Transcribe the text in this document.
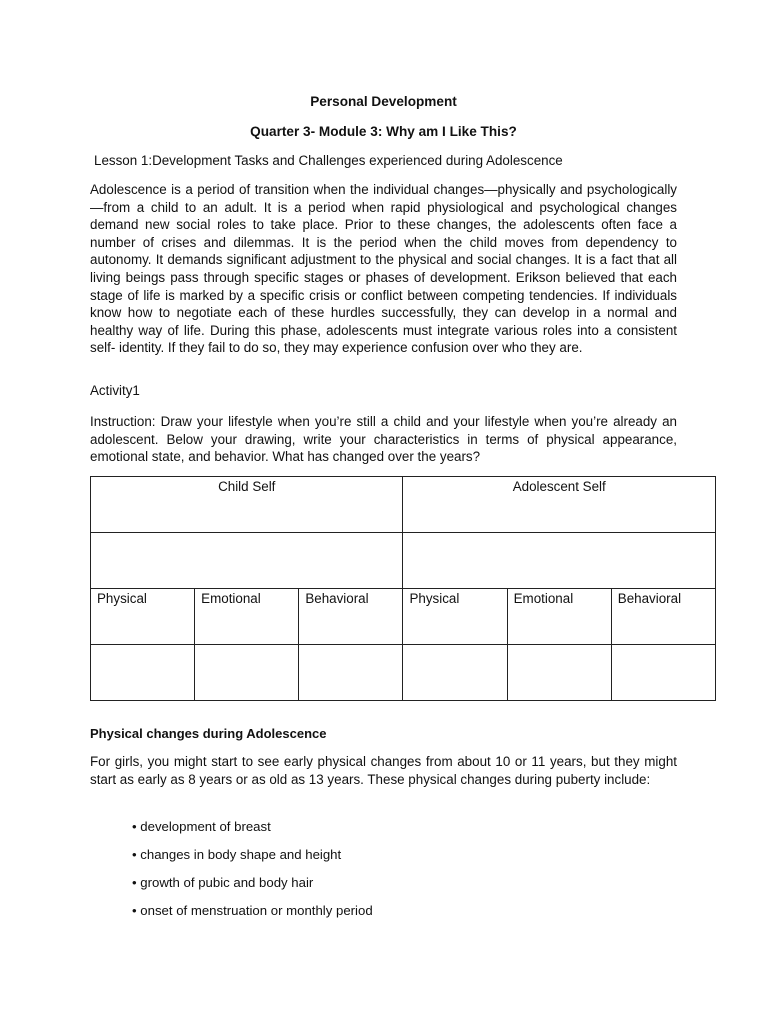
Personal Development
Quarter 3- Module 3: Why am I Like This?
Lesson 1:Development Tasks and Challenges experienced during Adolescence

Adolescence is a period of transition when the individual changes—physically and psychologically—from a child to an adult. It is a period when rapid physiological and psychological changes demand new social roles to take place. Prior to these changes, the adolescents often face a number of crises and dilemmas. It is the period when the child moves from dependency to autonomy. It demands significant adjustment to the physical and social changes. It is a fact that all living beings pass through specific stages or phases of development. Erikson believed that each stage of life is marked by a specific crisis or conflict between competing tendencies. If individuals know how to negotiate each of these hurdles successfully, they can develop in a normal and healthy way of life. During this phase, adolescents must integrate various roles into a consistent self- identity. If they fail to do so, they may experience confusion over who they are.

Activity1

Instruction: Draw your lifestyle when you’re still a child and your lifestyle when you’re already an adolescent. Below your drawing, write your characteristics in terms of physical appearance, emotional state, and behavior. What has changed over the years?

Child Self			Adolescent Self		

Physical	Emotional	Behavioral	Physical	Emotional	Behavioral

Physical changes during Adolescence

For girls, you might start to see early physical changes from about 10 or 11 years, but they might start as early as 8 years or as old as 13 years. These physical changes during puberty include:

• development of breast
• changes in body shape and height
• growth of pubic and body hair
• onset of menstruation or monthly period
